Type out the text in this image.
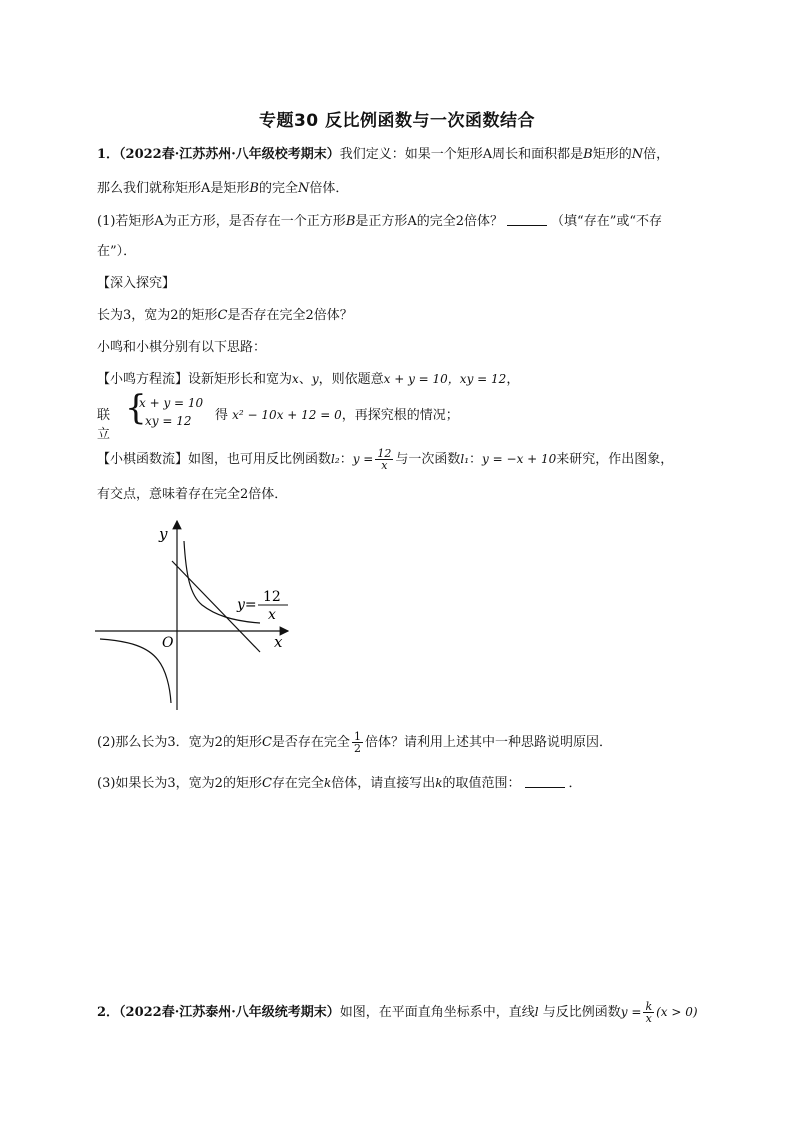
专题30 反比例函数与一次函数结合
1．（2022春·江苏苏州·八年级校考期末）我们定义：如果一个矩形A周长和面积都是B矩形的N倍，
那么我们就称矩形A是矩形B的完全N倍体．
(1)若矩形A为正方形，是否存在一个正方形B是正方形A的完全2倍体？	（填“存在”或“不存
在”）．
【深入探究】
长为3，宽为2的矩形C是否存在完全2倍体？
小鸣和小棋分别有以下思路：
【小鸣方程流】设新矩形长和宽为x、y，则依题意x + y = 10，xy = 12，
联立
{
x + y = 10
xy = 12 得 x² − 10x + 12 = 0，再探究根的情况；
【小棋函数流】如图，也可用反比例函数l₂：$y = \frac{12}{x}$ 与一次函数l₁：y = −x + 10来研究，作出图象，
有交点，意味着存在完全2倍体．
y
x
O
y= 12
x
(2)那么长为3．宽为2的矩形C是否存在完全 $\frac{1}{2}$ 倍体？请利用上述其中一种思路说明原因．
(3)如果长为3，宽为2的矩形C存在完全k倍体，请直接写出k的取值范围：	．
2．（2022春·江苏泰州·八年级统考期末）如图，在平面直角坐标系中，直线l 与反比例函数$y = \frac{k}{x} (x > 0)$
